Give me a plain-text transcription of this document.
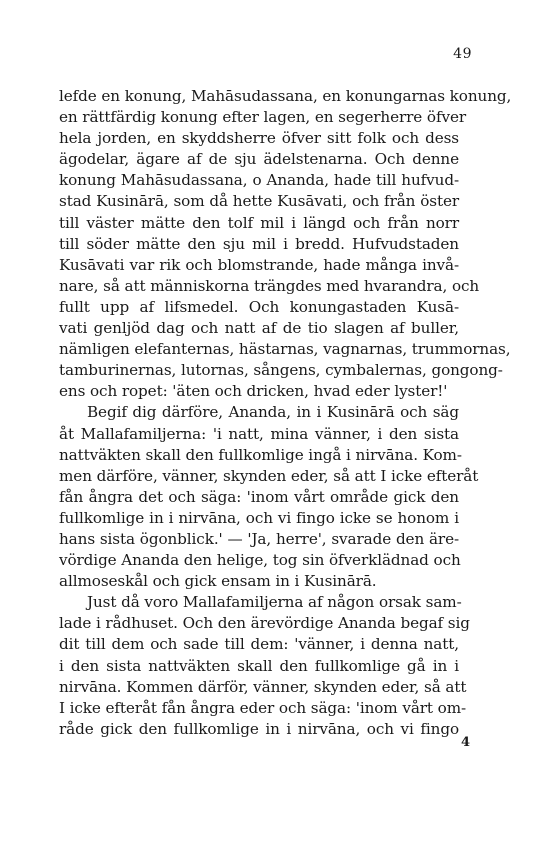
49
lefde en konung, Mahāsudassana, en konungarnas konung,
en rättfärdig konung efter lagen, en segerherre öfver
hela jorden, en skyddsherre öfver sitt folk och dess
ägodelar, ägare af de sju ädelstenarna. Och denne
konung Mahāsudassana, o Ananda, hade till hufvud-
stad Kusinārā, som då hette Kusāvati, och från öster
till väster mätte den tolf mil i längd och från norr
till söder mätte den sju mil i bredd. Hufvudstaden
Kusāvati var rik och blomstrande, hade många invå-
nare, så att människorna trängdes med hvarandra, och
fullt upp af lifsmedel. Och konungastaden Kusā-
vati genljöd dag och natt af de tio slagen af buller,
nämligen elefanternas, hästarnas, vagnarnas, trummornas,
tamburinernas, lutornas, sångens, cymbalernas, gongong-
ens och ropet: 'äten och dricken, hvad eder lyster!'
Begif dig därföre, Ananda, in i Kusinārā och säg
åt Mallafamiljerna: 'i natt, mina vänner, i den sista
nattväkten skall den fullkomlige ingå i nirvāna. Kom-
men därföre, vänner, skynden eder, så att I icke efteråt
fån ångra det och säga: 'inom vårt område gick den
fullkomlige in i nirvāna, och vi fingo icke se honom i
hans sista ögonblick.' — 'Ja, herre', svarade den äre-
vördige Ananda den helige, tog sin öfverklädnad och
allmoseskål och gick ensam in i Kusinārā.
Just då voro Mallafamiljerna af någon orsak sam-
lade i rådhuset. Och den ärevördige Ananda begaf sig
dit till dem och sade till dem: 'vänner, i denna natt,
i den sista nattväkten skall den fullkomlige gå in i
nirvāna. Kommen därför, vänner, skynden eder, så att
I icke efteråt fån ångra eder och säga: 'inom vårt om-
råde gick den fullkomlige in i nirvāna, och vi fingo
4
